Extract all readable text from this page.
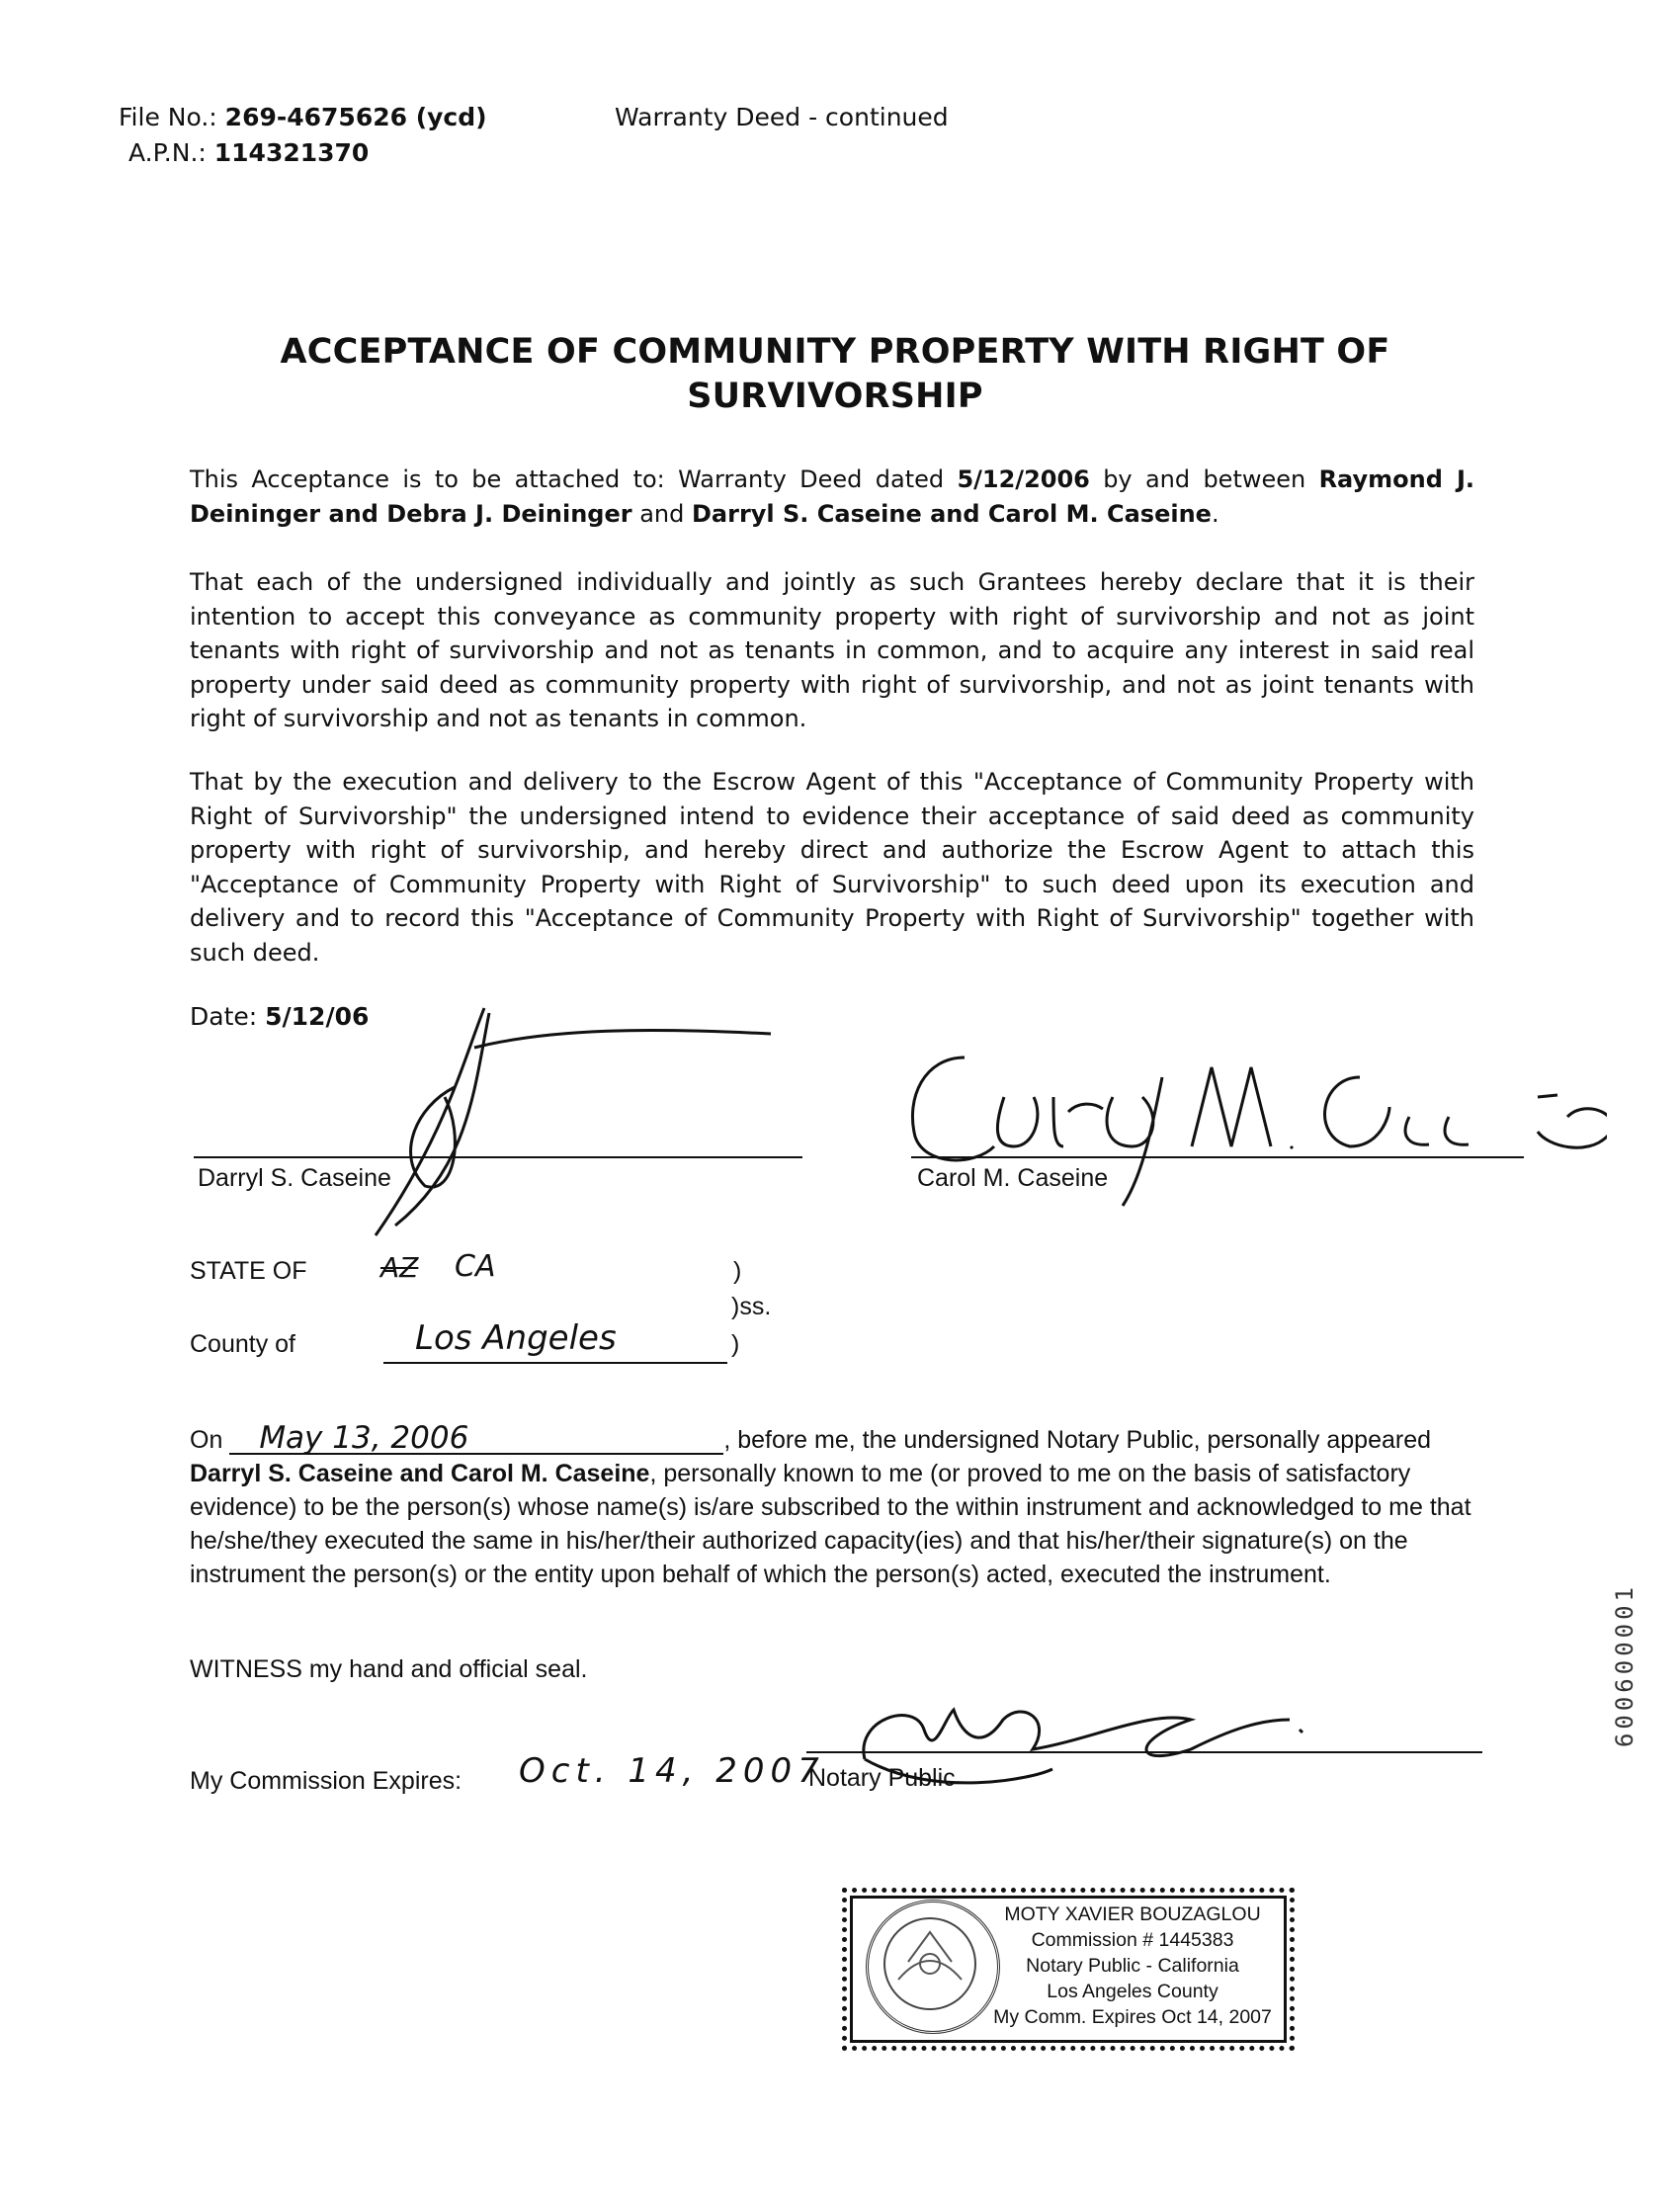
File No.: 269-4675626 (ycd)
A.P.N.: 114321370
Warranty Deed - continued
ACCEPTANCE OF COMMUNITY PROPERTY WITH RIGHT OF SURVIVORSHIP
This Acceptance is to be attached to: Warranty Deed dated 5/12/2006 by and between Raymond J. Deininger and Debra J. Deininger and Darryl S. Caseine and Carol M. Caseine.
That each of the undersigned individually and jointly as such Grantees hereby declare that it is their intention to accept this conveyance as community property with right of survivorship and not as joint tenants with right of survivorship and not as tenants in common, and to acquire any interest in said real property under said deed as community property with right of survivorship, and not as joint tenants with right of survivorship and not as tenants in common.
That by the execution and delivery to the Escrow Agent of this "Acceptance of Community Property with Right of Survivorship" the undersigned intend to evidence their acceptance of said deed as community property with right of survivorship, and hereby direct and authorize the Escrow Agent to attach this "Acceptance of Community Property with Right of Survivorship" to such deed upon its execution and delivery and to record this "Acceptance of Community Property with Right of Survivorship" together with such deed.
Date: 5/12/06
Darryl S. Caseine	Carol M. Caseine
STATE OF	AZ CA	)
)ss.
County of	Los Angeles	)
On May 13, 2006	, before me, the undersigned Notary Public, personally appeared Darryl S. Caseine and Carol M. Caseine, personally known to me (or proved to me on the basis of satisfactory evidence) to be the person(s) whose name(s) is/are subscribed to the within instrument and acknowledged to me that he/she/they executed the same in his/her/their authorized capacity(ies) and that his/her/their signature(s) on the instrument the person(s) or the entity upon behalf of which the person(s) acted, executed the instrument.
WITNESS my hand and official seal.
Notary Public
My Commission Expires: Oct. 14, 2007
MOTY XAVIER BOUZAGLOU
Commission # 1445383
Notary Public - California
Los Angeles County
My Comm. Expires Oct 14, 2007
600600001
